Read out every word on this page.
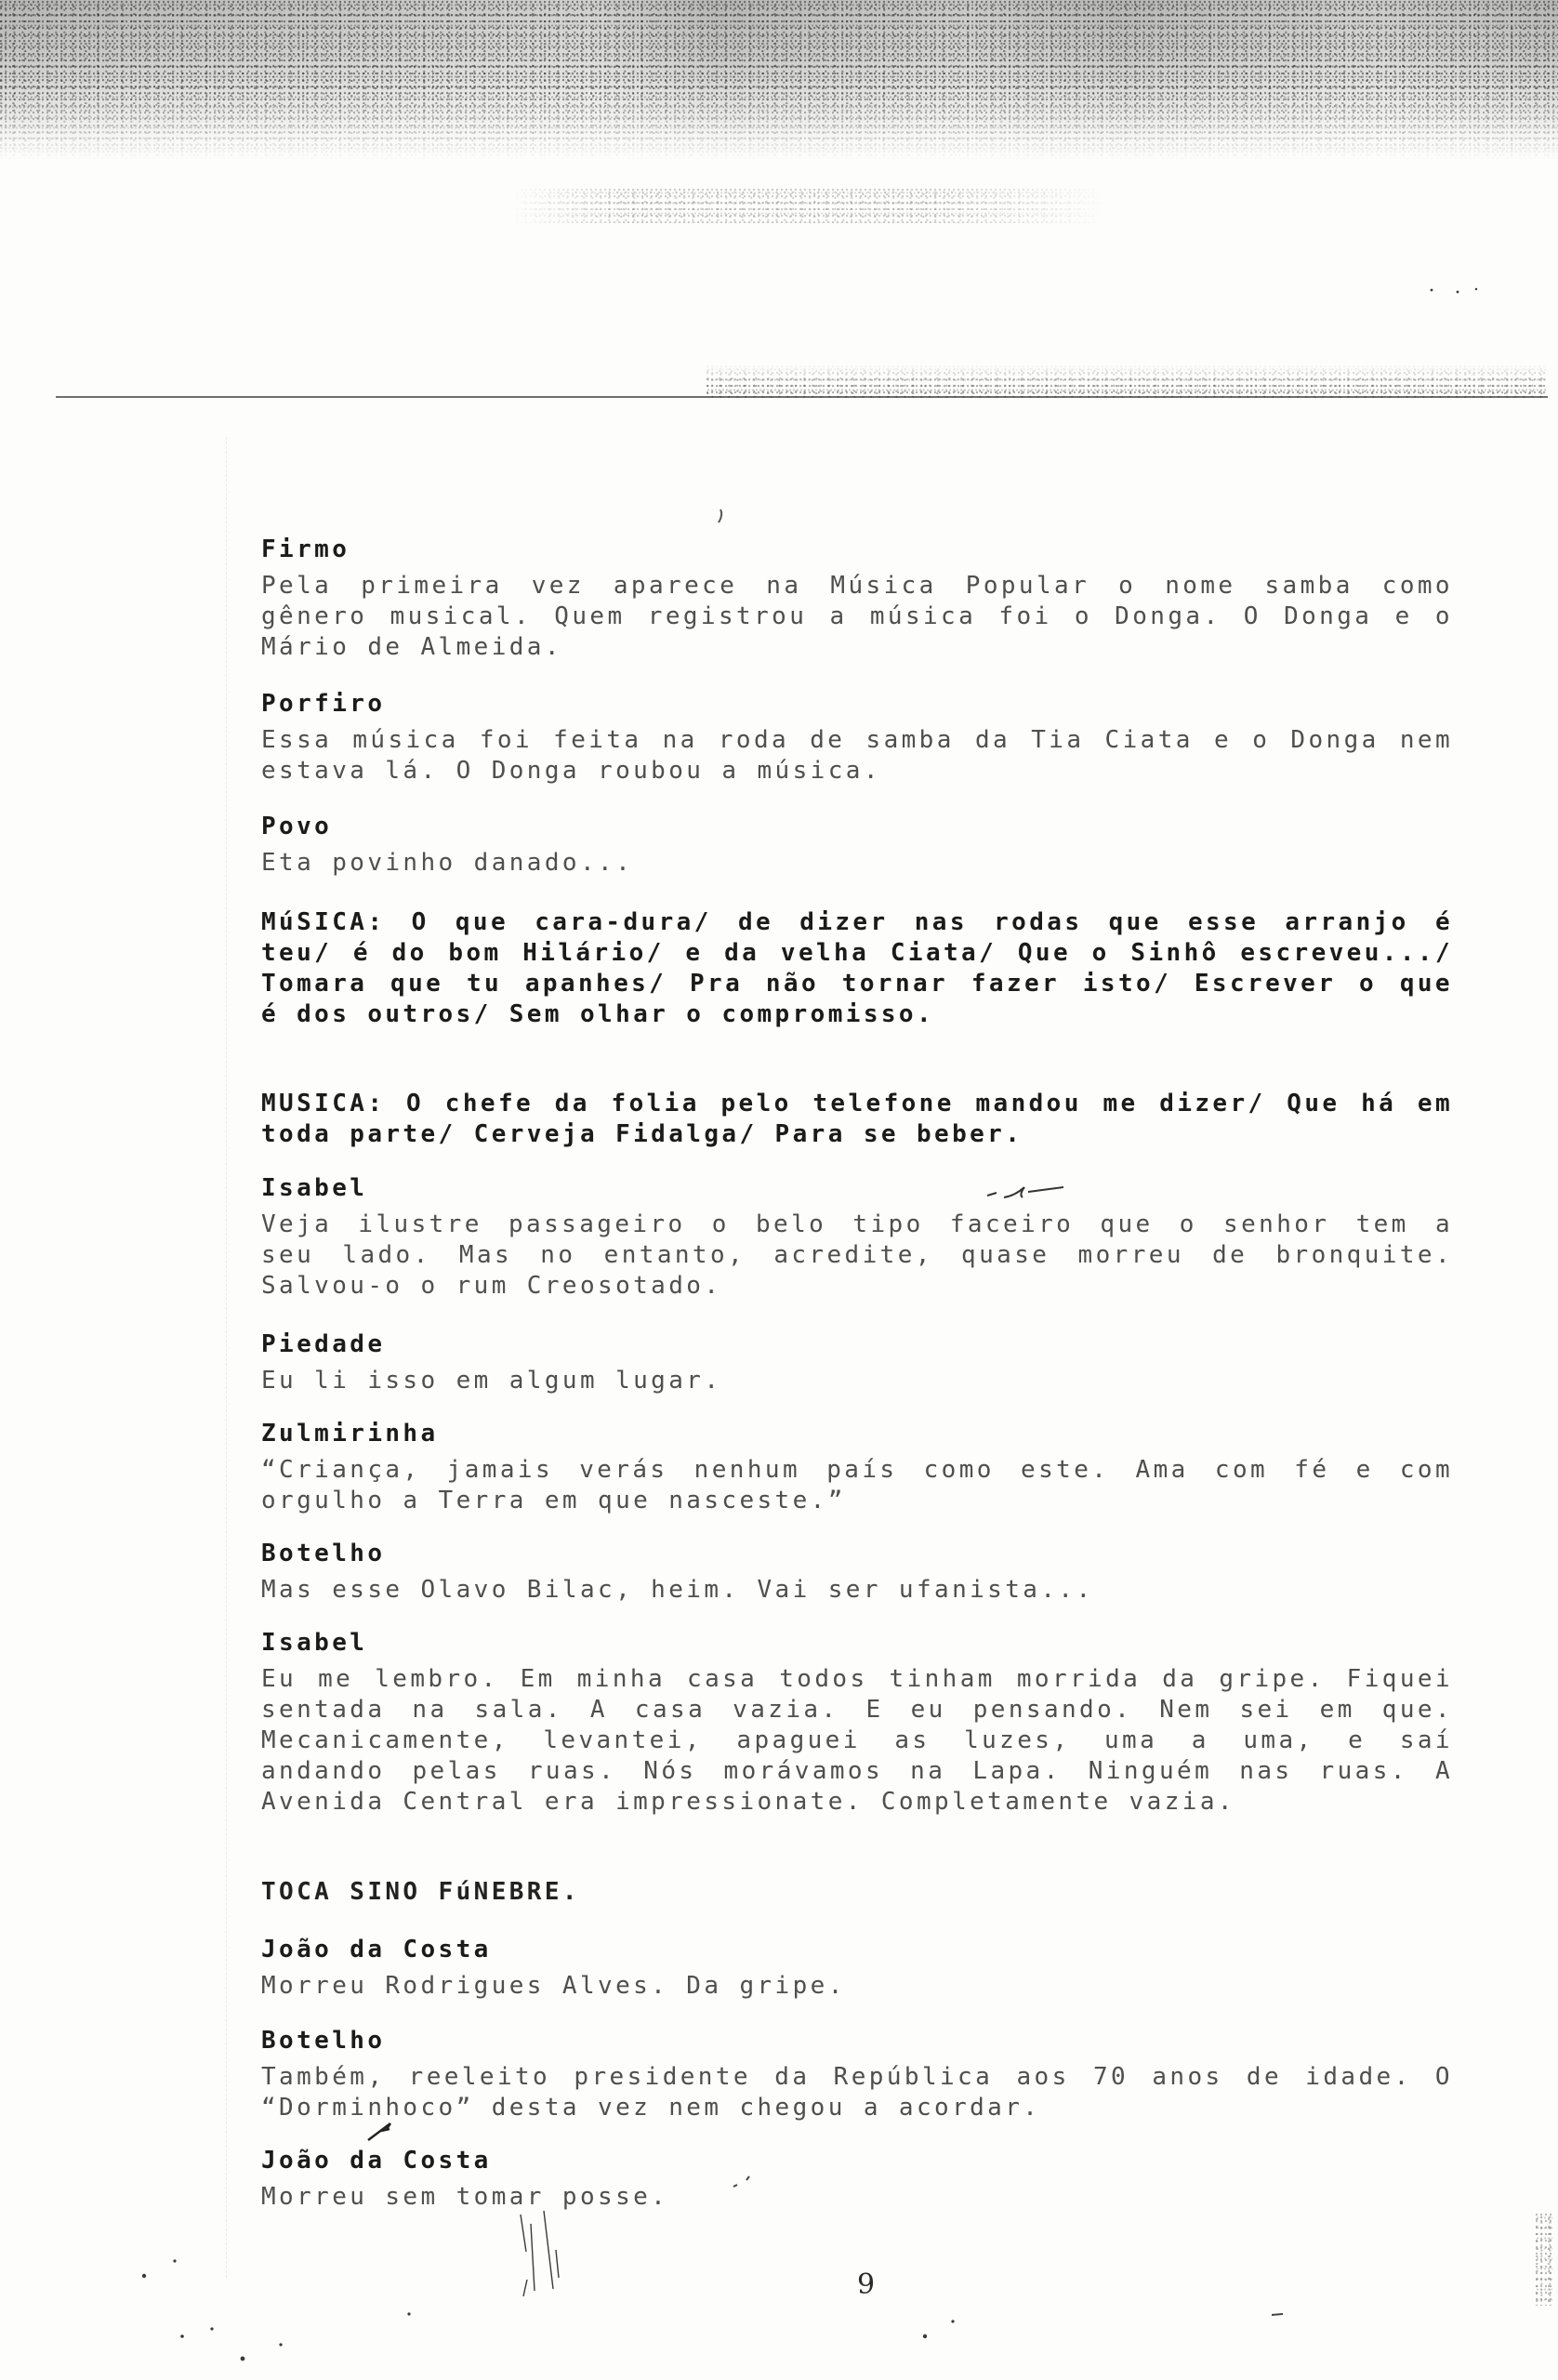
Firmo
Pela primeira vez aparece na Música Popular o nome samba como
gênero musical. Quem registrou a música foi o Donga. O Donga e o
Mário de Almeida.
Porfiro
Essa música foi feita na roda de samba da Tia Ciata e o Donga nem
estava lá. O Donga roubou a música.
Povo
Eta povinho danado...
MúSICA: O que cara-dura/ de dizer nas rodas que esse arranjo é
teu/ é do bom Hilário/ e da velha Ciata/ Que o Sinhô escreveu.../
Tomara que tu apanhes/ Pra não tornar fazer isto/ Escrever o que
é dos outros/ Sem olhar o compromisso.
MUSICA: O chefe da folia pelo telefone mandou me dizer/ Que há em
toda parte/ Cerveja Fidalga/ Para se beber.
Isabel
Veja ilustre passageiro o belo tipo faceiro que o senhor tem a
seu lado. Mas no entanto, acredite, quase morreu de bronquite.
Salvou-o o rum Creosotado.
Piedade
Eu li isso em algum lugar.
Zulmirinha
“Criança, jamais verás nenhum país como este. Ama com fé e com
orgulho a Terra em que nasceste.”
Botelho
Mas esse Olavo Bilac, heim. Vai ser ufanista...
Isabel
Eu me lembro. Em minha casa todos tinham morrida da gripe. Fiquei
sentada na sala. A casa vazia. E eu pensando. Nem sei em que.
Mecanicamente, levantei, apaguei as luzes, uma a uma, e saí
andando pelas ruas. Nós morávamos na Lapa. Ninguém nas ruas. A
Avenida Central era impressionate. Completamente vazia.
TOCA SINO FúNEBRE.
João da Costa
Morreu Rodrigues Alves. Da gripe.
Botelho
Também, reeleito presidente da República aos 70 anos de idade. O
“Dorminhoco” desta vez nem chegou a acordar.
João da Costa
Morreu sem tomar posse.
9
